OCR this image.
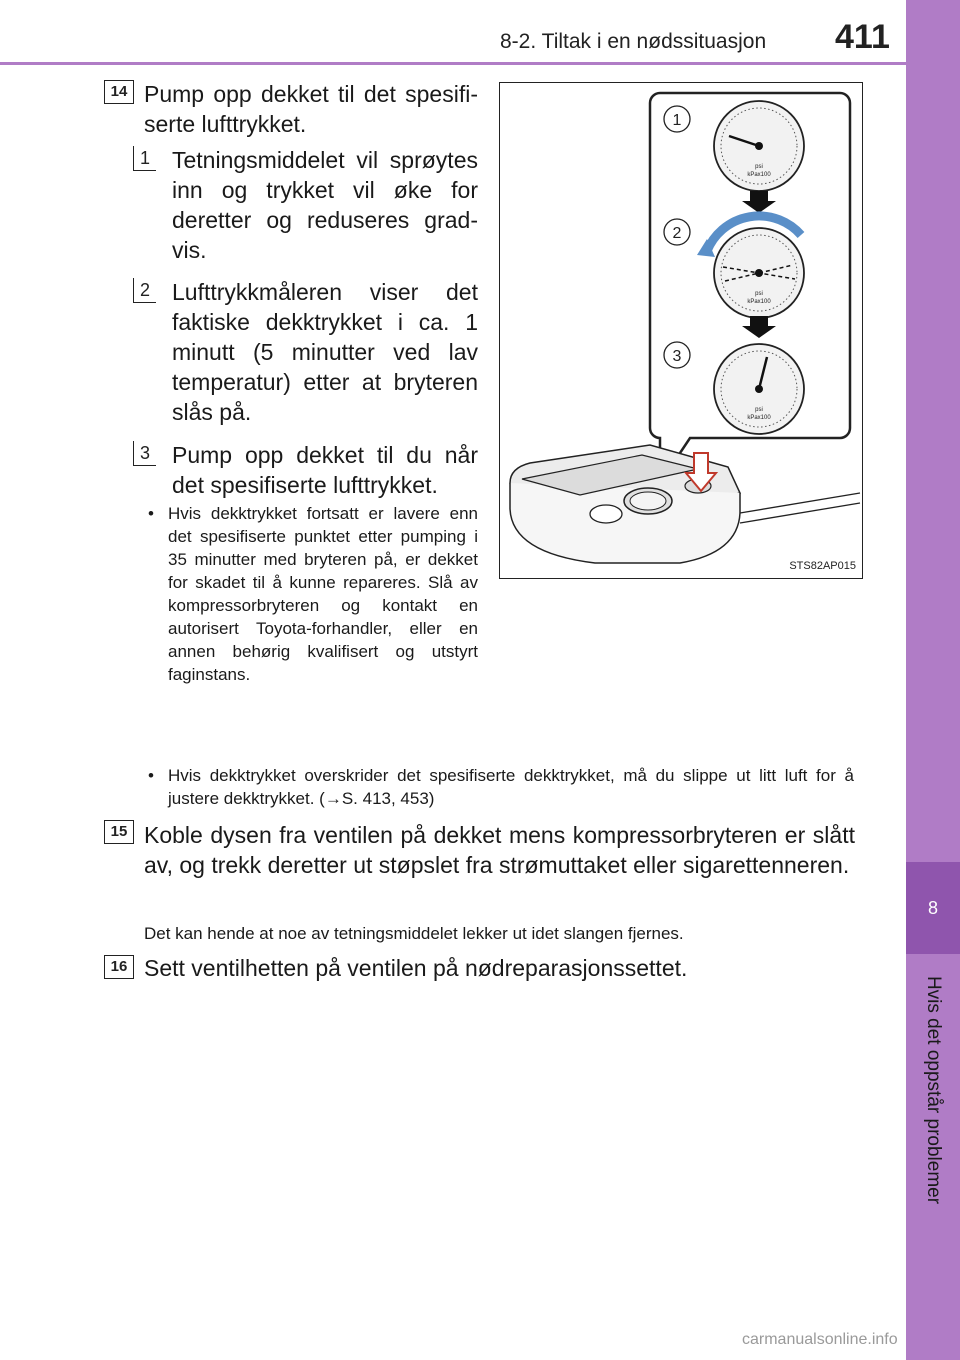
8-2. Tiltak i en nødssituasjon 411
8
Hvis det oppstår problemer
14 Pump opp dekket til det spesifiserte lufttrykket.
1 Tetningsmiddelet vil sprøytes inn og trykket vil øke for deretter og reduseres gradvis.
2 Lufttrykkmåleren viser det faktiske dekktrykket i ca. 1 minutt (5 minutter ved lav temperatur) etter at bryteren slås på.
3 Pump opp dekket til du når det spesifiserte lufttrykket.
• Hvis dekktrykket fortsatt er lavere enn det spesifiserte punktet etter pumping i 35 minutter med bryteren på, er dekket for skadet til å kunne repareres. Slå av kompressorbryteren og kontakt en autorisert Toyota-forhandler, eller en annen behørig kvalifisert og utstyrt faginstans.
• Hvis dekktrykket overskrider det spesifiserte dekktrykket, må du slippe ut litt luft for å justere dekktrykket. (→S. 413, 453)
15 Koble dysen fra ventilen på dekket mens kompressorbryteren er slått av, og trekk deretter ut støpslet fra strømuttaket eller sigarettenneren.
Det kan hende at noe av tetningsmiddelet lekker ut idet slangen fjernes.
16 Sett ventilhetten på ventilen på nødreparasjonssettet.
1
2
3
psi
kPax100
psi
kPax100
psi
kPax100
STS82AP015
carmanualsonline.info
